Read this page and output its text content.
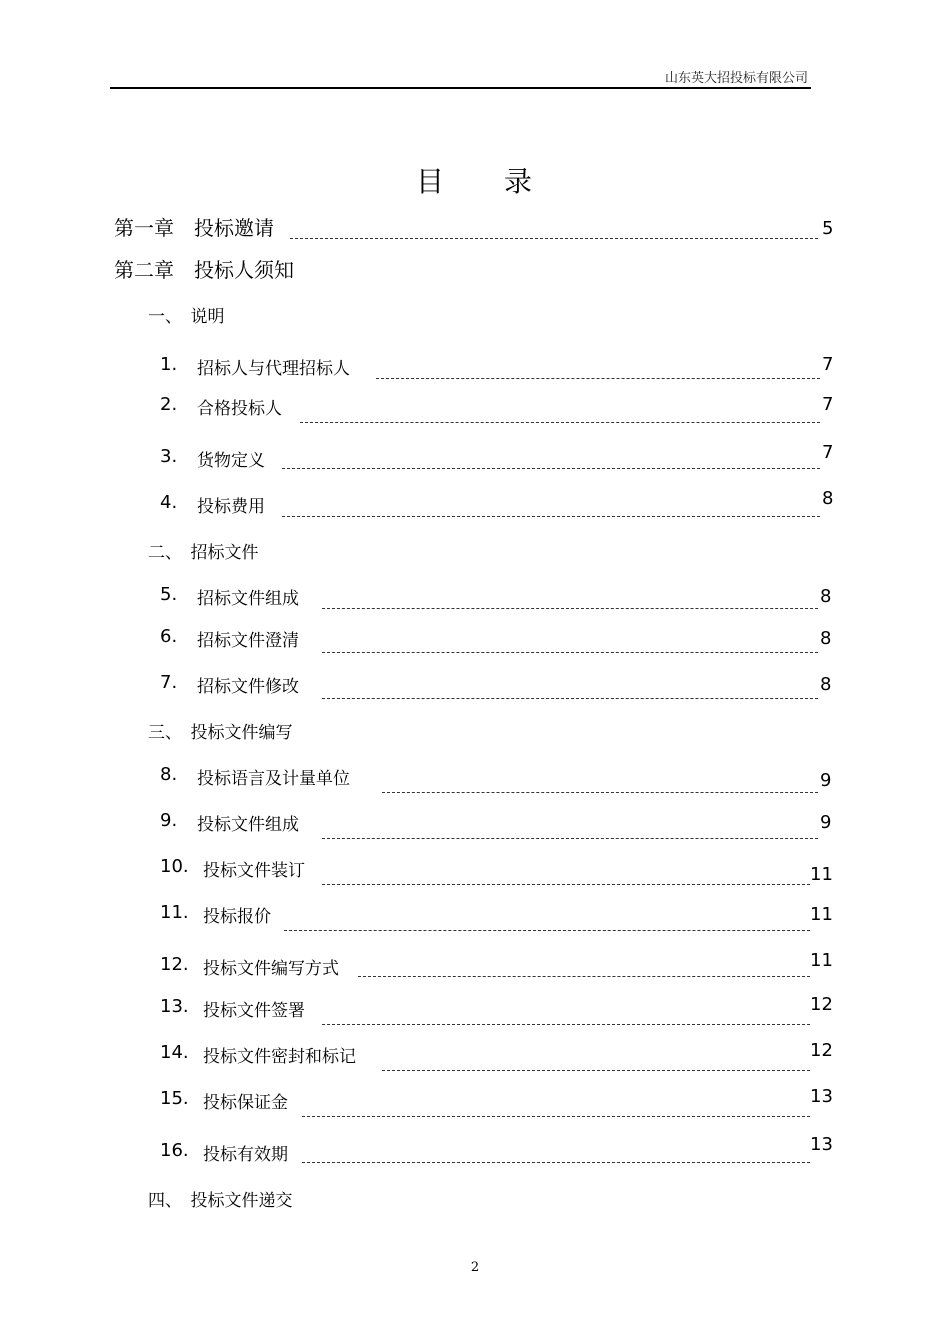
山东英大招投标有限公司
目 录
第一章　投标邀请	5
第二章　投标人须知
一、　说明
1. 招标人与代理招标人	7
2. 合格投标人	7
3. 货物定义	7
4. 投标费用	8
二、　招标文件
5. 招标文件组成	8
6. 招标文件澄清	8
7. 招标文件修改	8
三、　投标文件编写
8. 投标语言及计量单位	9
9. 投标文件组成	9
10. 投标文件装订	11
11. 投标报价	11
12. 投标文件编写方式	11
13. 投标文件签署	12
14. 投标文件密封和标记	12
15. 投标保证金	13
16. 投标有效期	13
四、　投标文件递交
2
